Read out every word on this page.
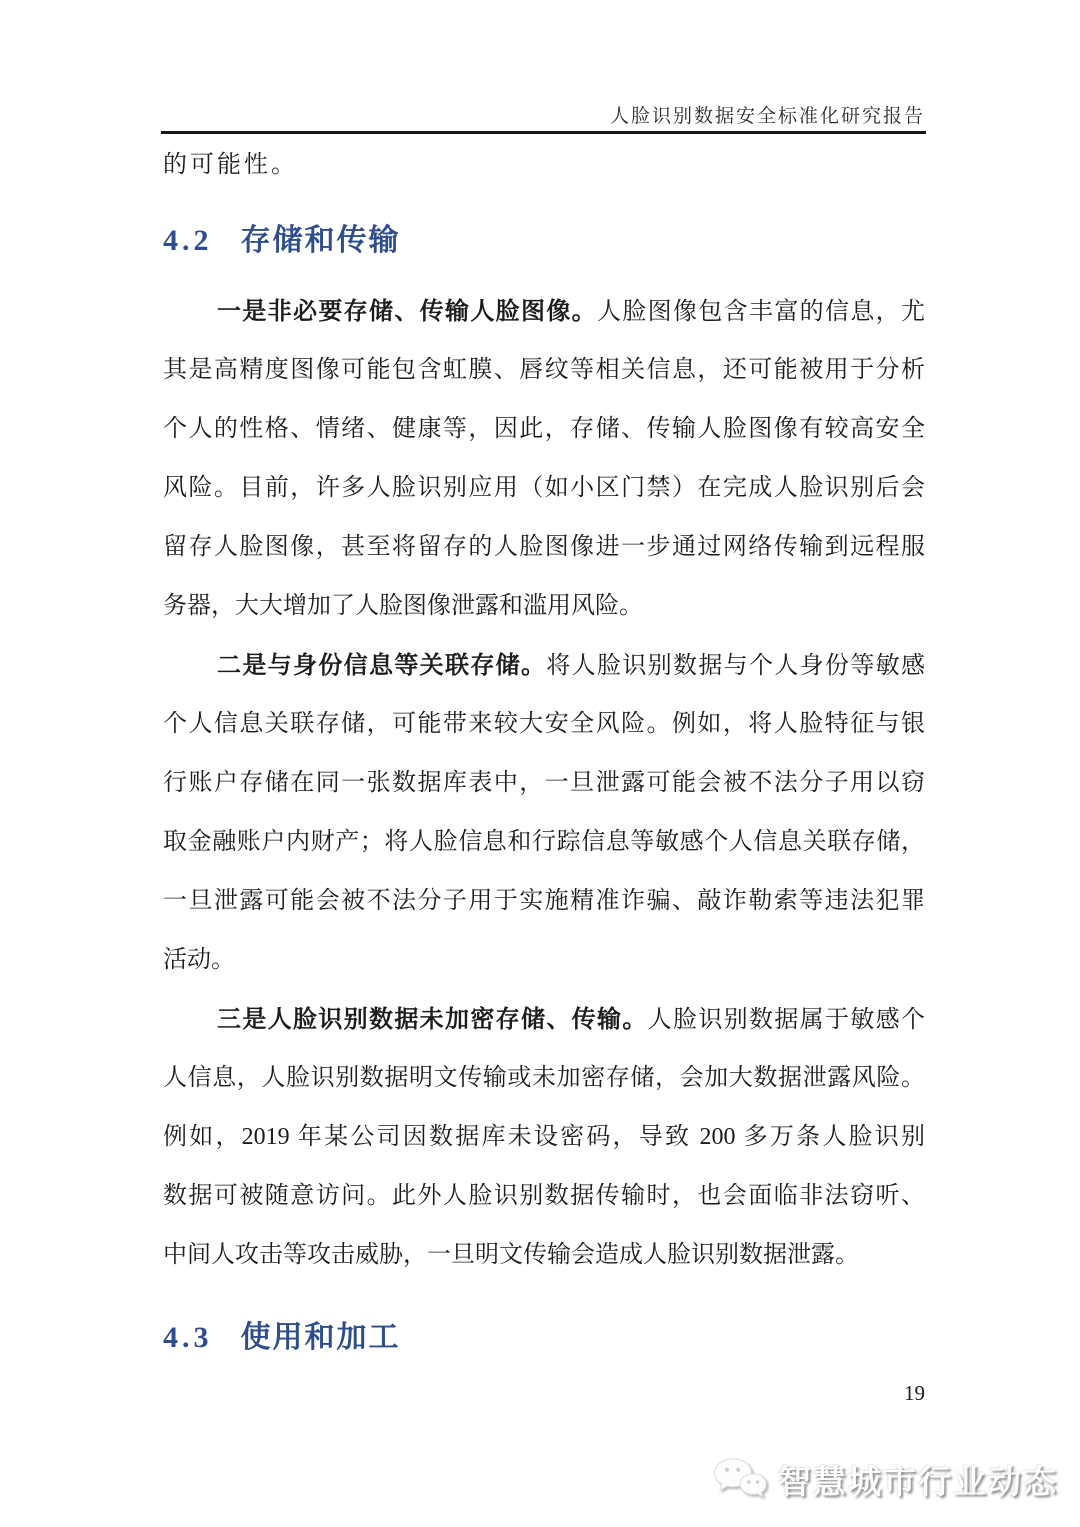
人脸识别数据安全标准化研究报告
的可能性。
4.2 存储和传输
一是非必要存储、传输人脸图像。人脸图像包含丰富的信息，尤
其是高精度图像可能包含虹膜、唇纹等相关信息，还可能被用于分析
个人的性格、情绪、健康等，因此，存储、传输人脸图像有较高安全
风险。目前，许多人脸识别应用（如小区门禁）在完成人脸识别后会
留存人脸图像，甚至将留存的人脸图像进一步通过网络传输到远程服
务器，大大增加了人脸图像泄露和滥用风险。
二是与身份信息等关联存储。将人脸识别数据与个人身份等敏感
个人信息关联存储，可能带来较大安全风险。例如，将人脸特征与银
行账户存储在同一张数据库表中，一旦泄露可能会被不法分子用以窃
取金融账户内财产；将人脸信息和行踪信息等敏感个人信息关联存储，
一旦泄露可能会被不法分子用于实施精准诈骗、敲诈勒索等违法犯罪
活动。
三是人脸识别数据未加密存储、传输。人脸识别数据属于敏感个
人信息，人脸识别数据明文传输或未加密存储，会加大数据泄露风险。
例如，2019 年某公司因数据库未设密码，导致 200 多万条人脸识别
数据可被随意访问。此外人脸识别数据传输时，也会面临非法窃听、
中间人攻击等攻击威胁，一旦明文传输会造成人脸识别数据泄露。
4.3 使用和加工
19
智慧城市行业动态
